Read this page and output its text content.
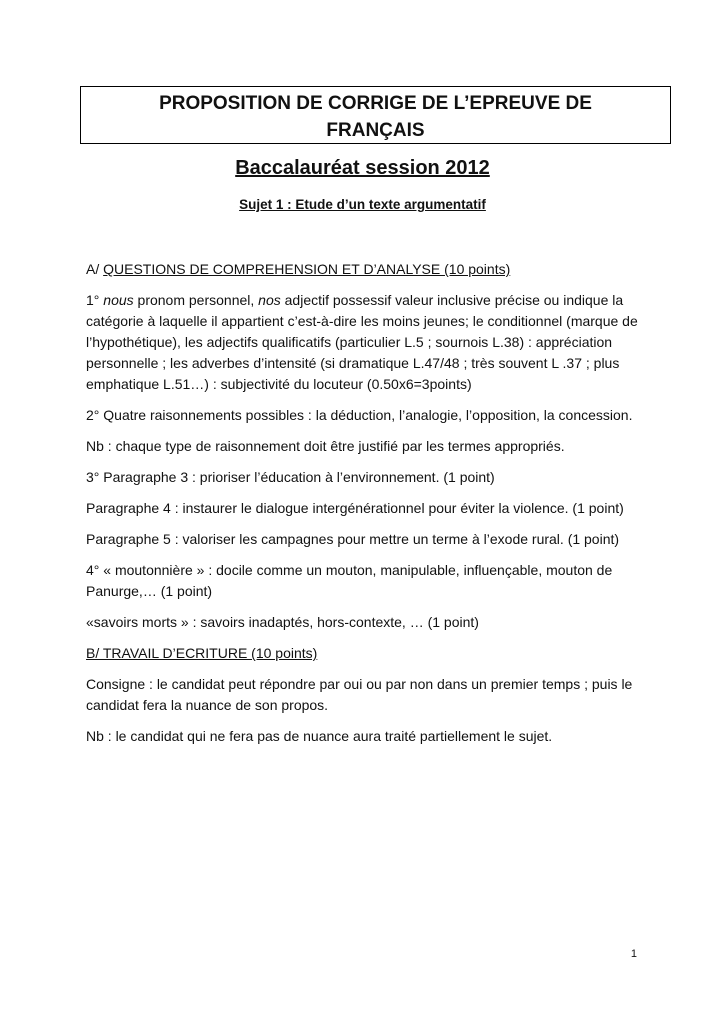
PROPOSITION DE CORRIGE DE L’EPREUVE DE
FRANÇAIS
Baccalauréat session 2012
Sujet 1 : Etude d’un texte argumentatif

A/ QUESTIONS DE COMPREHENSION ET D’ANALYSE (10 points)

1° nous pronom personnel, nos adjectif possessif valeur inclusive précise ou indique la catégorie à laquelle il appartient c’est-à-dire les moins jeunes; le conditionnel (marque de l’hypothétique), les adjectifs qualificatifs (particulier L.5 ; sournois L.38) : appréciation personnelle ; les adverbes d’intensité (si dramatique L.47/48 ; très souvent L .37 ; plus emphatique L.51…) : subjectivité du locuteur (0.50x6=3points)

2° Quatre raisonnements possibles : la déduction, l’analogie, l’opposition, la concession.

Nb : chaque type de raisonnement doit être justifié par les termes appropriés.

3° Paragraphe 3 : prioriser l’éducation à l’environnement. (1 point)

Paragraphe 4 : instaurer le dialogue intergénérationnel pour éviter la violence. (1 point)

Paragraphe 5 : valoriser les campagnes pour mettre un terme à l’exode rural. (1 point)

4° « moutonnière » : docile comme un mouton, manipulable, influençable, mouton de Panurge,… (1 point)

«savoirs morts » : savoirs inadaptés, hors-contexte, … (1 point)

B/ TRAVAIL D’ECRITURE (10 points)

Consigne : le candidat peut répondre par oui ou par non dans un premier temps ; puis le candidat fera la nuance de son propos.

Nb : le candidat qui ne fera pas de nuance aura traité partiellement le sujet.

1
